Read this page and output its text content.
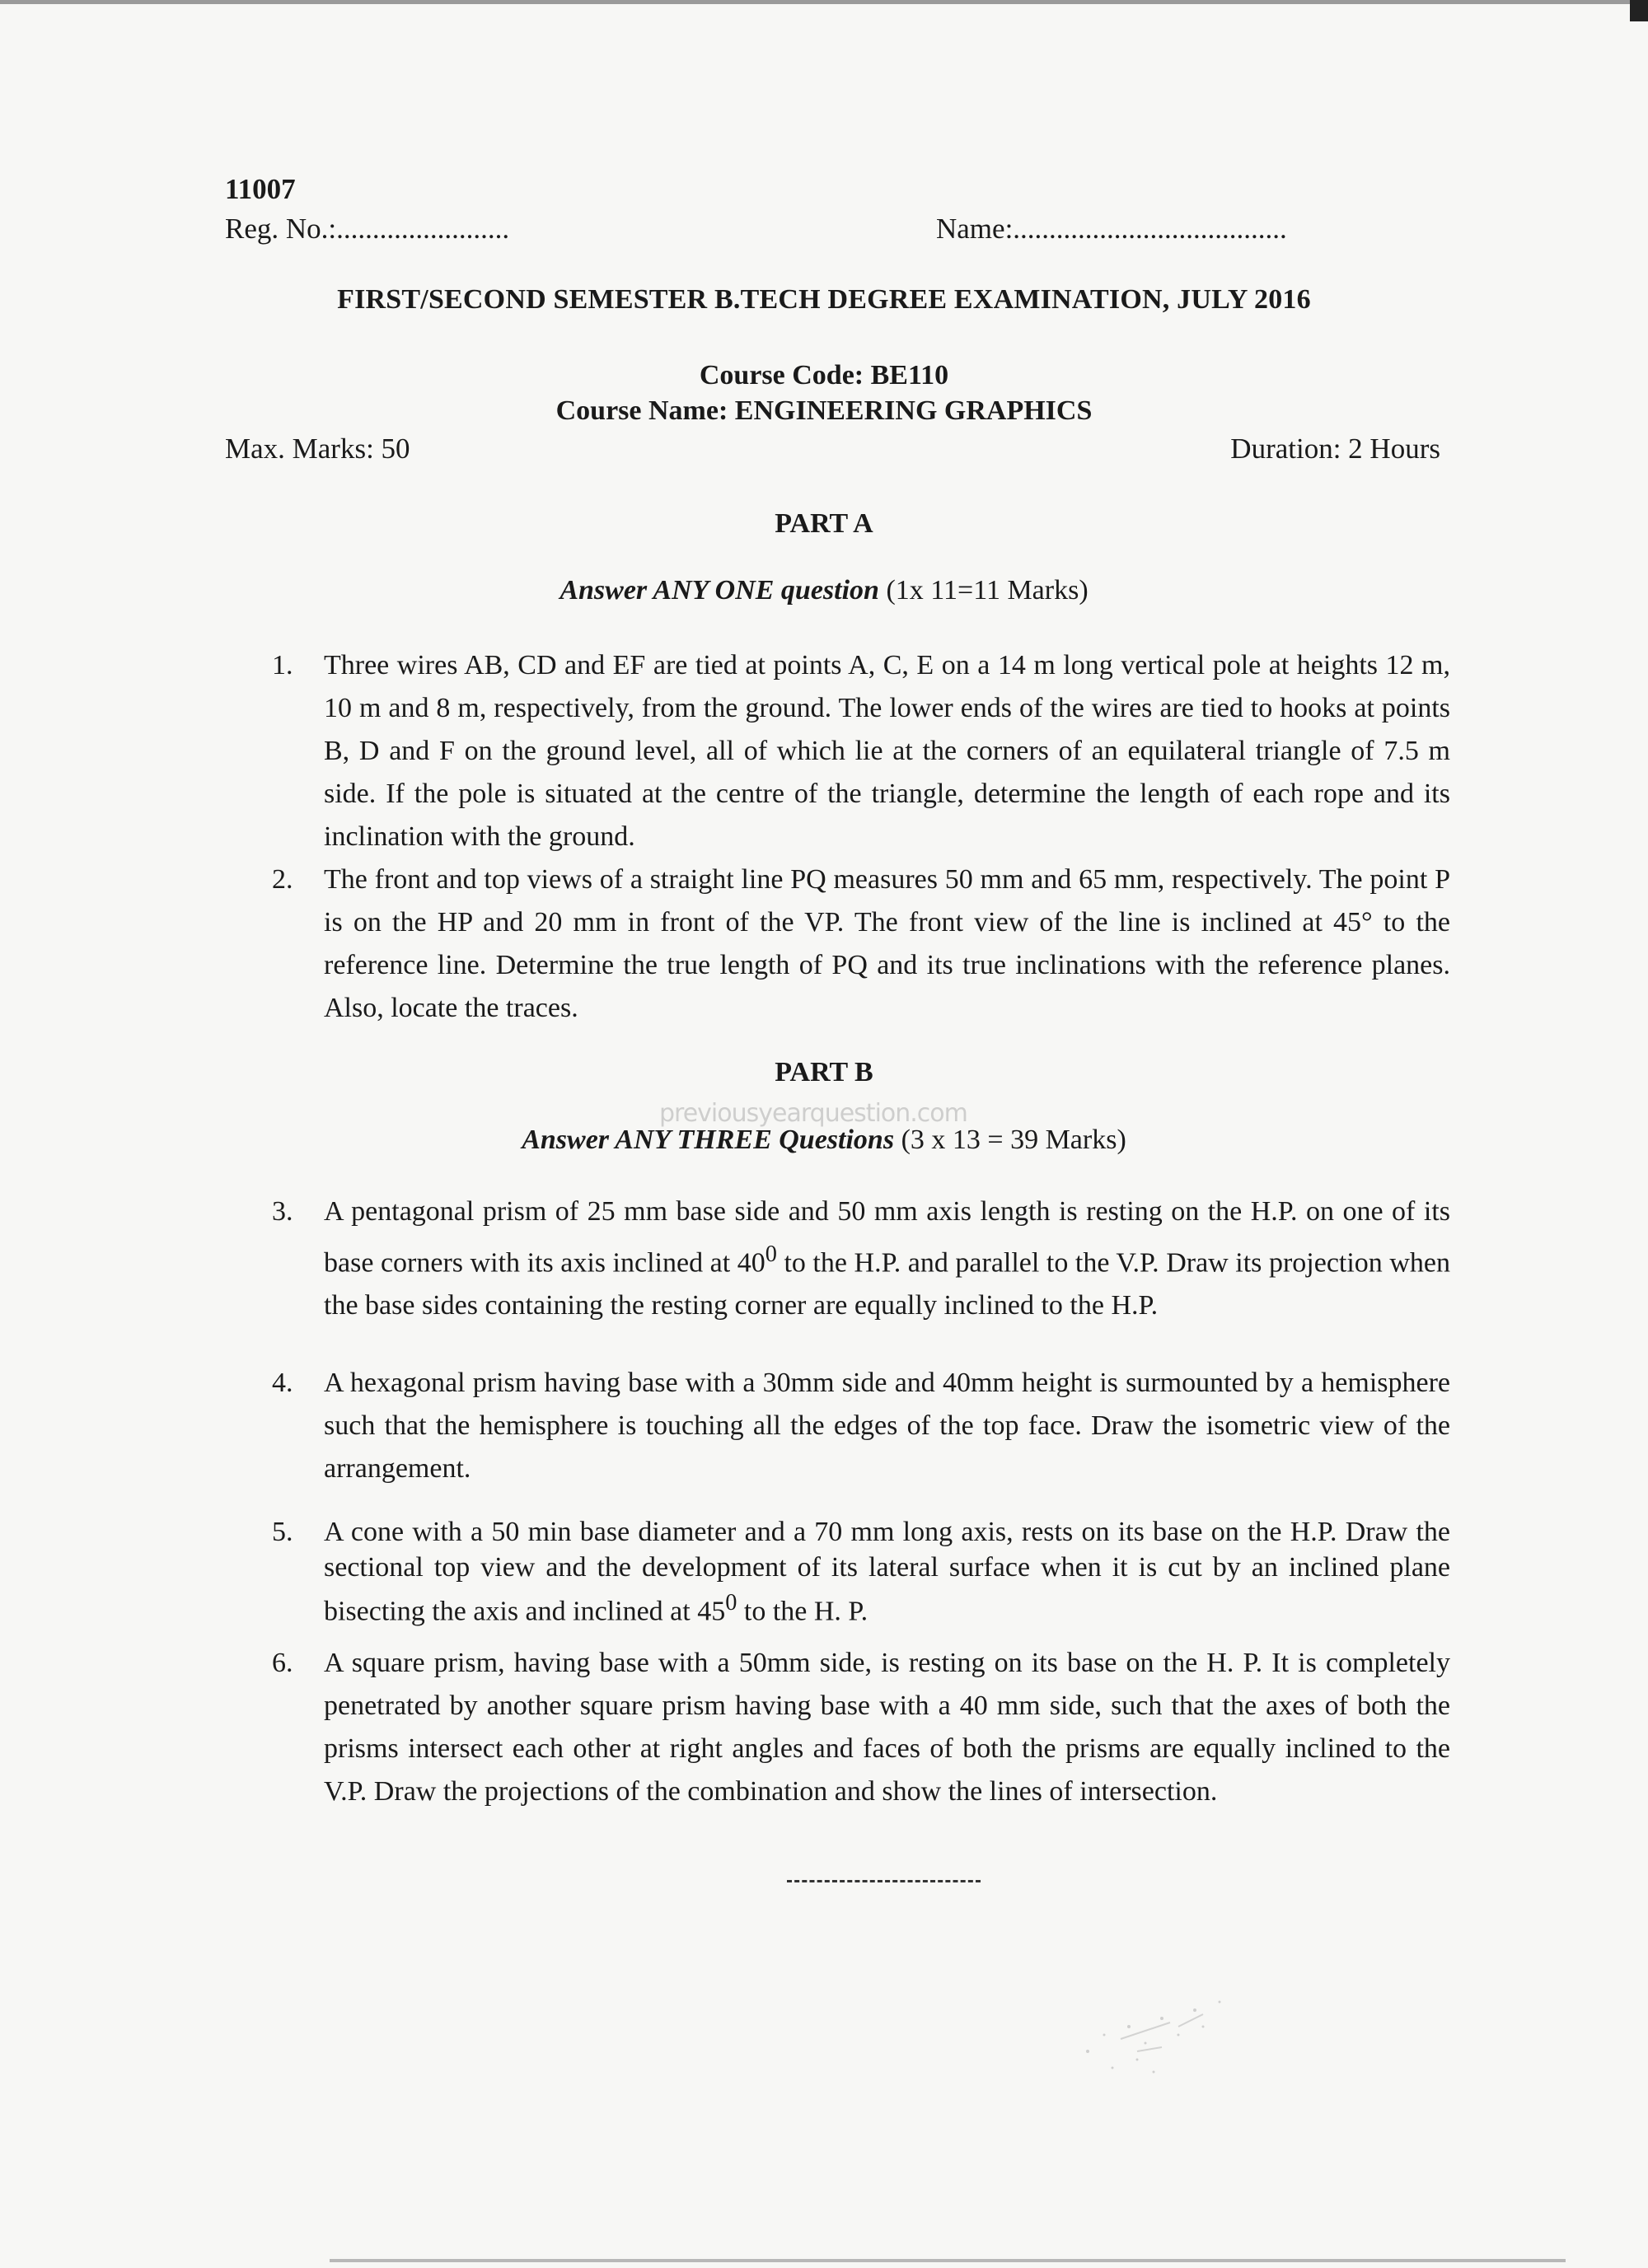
11007
Reg. No.:........................	Name:......................................
FIRST/SECOND SEMESTER B.TECH DEGREE EXAMINATION, JULY 2016
Course Code: BE110
Course Name: ENGINEERING GRAPHICS
Max. Marks: 50	Duration: 2 Hours
PART A
Answer ANY ONE question (1x 11=11 Marks)
1.	Three wires AB, CD and EF are tied at points A, C, E on a 14 m long vertical pole at heights 12 m, 10 m and 8 m, respectively, from the ground. The lower ends of the wires are tied to hooks at points B, D and F on the ground level, all of which lie at the corners of an equilateral triangle of 7.5 m side. If the pole is situated at the centre of the triangle, determine the length of each rope and its inclination with the ground.
2.	The front and top views of a straight line PQ measures 50 mm and 65 mm, respectively. The point P is on the HP and 20 mm in front of the VP. The front view of the line is inclined at 45° to the reference line. Determine the true length of PQ and its true inclinations with the reference planes. Also, locate the traces.
PART B
previousyearquestion.com
Answer ANY THREE Questions (3 x 13 = 39 Marks)
3.	A pentagonal prism of 25 mm base side and 50 mm axis length is resting on the H.P. on one of its base corners with its axis inclined at $40^0$ to the H.P. and parallel to the V.P. Draw its projection when the base sides containing the resting corner are equally inclined to the H.P.
4.	A hexagonal prism having base with a 30mm side and 40mm height is surmounted by a hemisphere such that the hemisphere is touching all the edges of the top face. Draw the isometric view of the arrangement.
5.	A cone with a 50 min base diameter and a 70 mm long axis, rests on its base on the H.P. Draw the sectional top view and the development of its lateral surface when it is cut by an inclined plane bisecting the axis and inclined at $45^0$ to the H. P.
6.	A square prism, having base with a 50mm side, is resting on its base on the H. P. It is completely penetrated by another square prism having base with a 40 mm side, such that the axes of both the prisms intersect each other at right angles and faces of both the prisms are equally inclined to the V.P. Draw the projections of the combination and show the lines of intersection.
